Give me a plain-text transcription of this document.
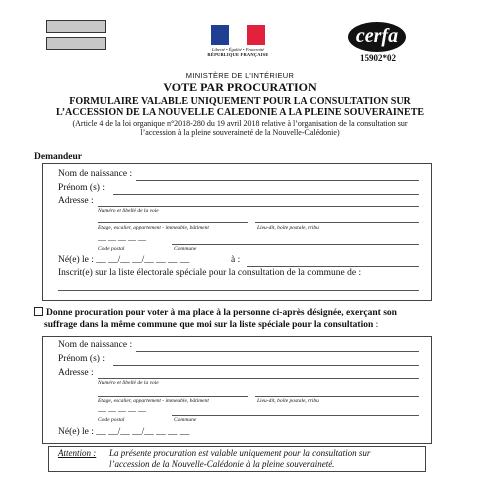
Liberté • Égalité • Fraternité
RÉPUBLIQUE FRANÇAISE
cerfa
15902*02
MINISTÈRE DE L’INTÉRIEUR
VOTE PAR PROCURATION
FORMULAIRE VALABLE UNIQUEMENT POUR LA CONSULTATION SUR
L’ACCESSION DE LA NOUVELLE CALEDONIE A LA PLEINE SOUVERAINETE
(Article 4 de la loi organique n°2018-280 du 19 avril 2018 relative à l’organisation de la consultation sur
l’accession à la pleine souveraineté de la Nouvelle-Calédonie)
Demandeur
Nom de naissance :
Prénom (s) :
Adresse :
Numéro et libellé de la voie
Etage, escalier, appartement - immeuble, bâtiment	Lieu-dit, boîte postale, tribu
__ __ __ __ __
Code postal	Commune
Né(e) le : __ __/__ __/__ __ __ __	à :
Inscrit(e) sur la liste électorale spéciale pour la consultation de la commune de :
Donne procuration pour voter à ma place à la personne ci-après désignée, exerçant son
suffrage dans la même commune que moi sur la liste spéciale pour la consultation :
Nom de naissance :
Prénom (s) :
Adresse :
Numéro et libellé de la voie
Etage, escalier, appartement - immeuble, bâtiment	Lieu-dit, boîte postale, tribu
__ __ __ __ __
Code postal	Commune
Né(e) le : __ __/__ __/__ __ __ __
Attention : La présente procuration est valable uniquement pour la consultation sur
l’accession de la Nouvelle-Calédonie à la pleine souveraineté.
